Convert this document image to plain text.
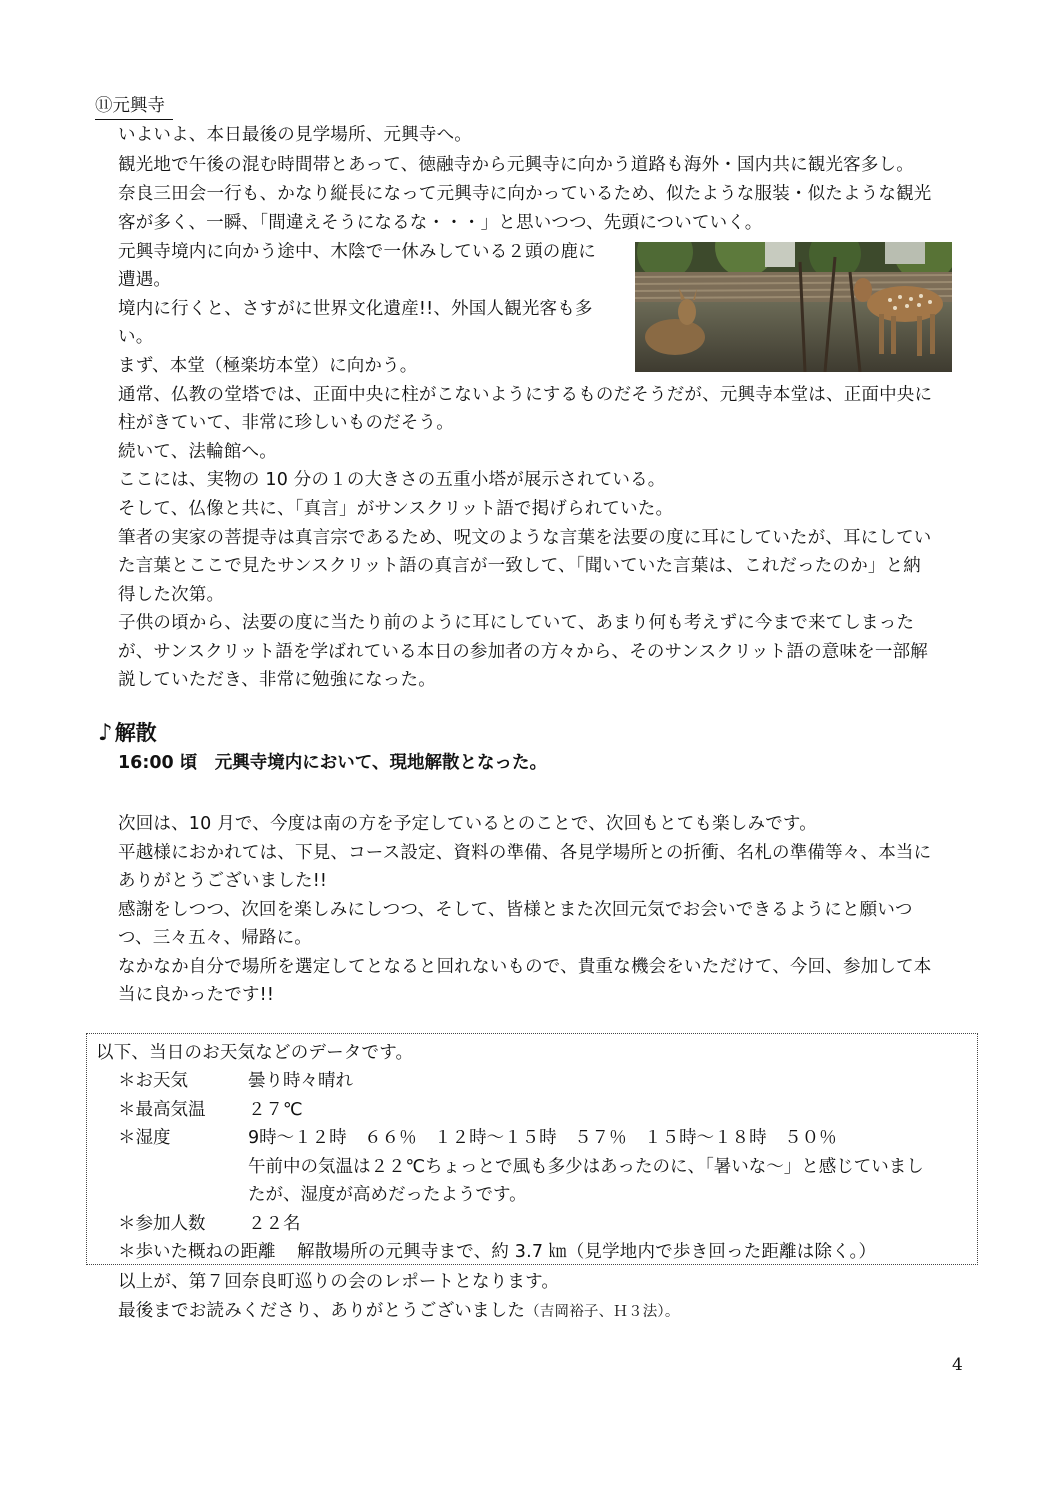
⑪元興寺
いよいよ、本日最後の見学場所、元興寺へ。
観光地で午後の混む時間帯とあって、徳融寺から元興寺に向かう道路も海外・国内共に観光客多し。
奈良三田会一行も、かなり縦長になって元興寺に向かっているため、似たような服装・似たような観光
客が多く、一瞬、「間違えそうになるな・・・」と思いつつ、先頭についていく。
元興寺境内に向かう途中、木陰で一休みしている２頭の鹿に
遭遇。
境内に行くと、さすがに世界文化遺産!!、外国人観光客も多
い。
まず、本堂（極楽坊本堂）に向かう。
通常、仏教の堂塔では、正面中央に柱がこないようにするものだそうだが、元興寺本堂は、正面中央に
柱がきていて、非常に珍しいものだそう。
続いて、法輪館へ。
ここには、実物の 10 分の１の大きさの五重小塔が展示されている。
そして、仏像と共に、「真言」がサンスクリット語で掲げられていた。
筆者の実家の菩提寺は真言宗であるため、呪文のような言葉を法要の度に耳にしていたが、耳にしてい
た言葉とここで見たサンスクリット語の真言が一致して、「聞いていた言葉は、これだったのか」と納
得した次第。
子供の頃から、法要の度に当たり前のように耳にしていて、あまり何も考えずに今まで来てしまった
が、サンスクリット語を学ばれている本日の参加者の方々から、そのサンスクリット語の意味を一部解
説していただき、非常に勉強になった。
♪解散
16:00 頃　元興寺境内において、現地解散となった。
次回は、10 月で、今度は南の方を予定しているとのことで、次回もとても楽しみです。
平越様におかれては、下見、コース設定、資料の準備、各見学場所との折衝、名札の準備等々、本当に
ありがとうございました!!
感謝をしつつ、次回を楽しみにしつつ、そして、皆様とまた次回元気でお会いできるようにと願いつ
つ、三々五々、帰路に。
なかなか自分で場所を選定してとなると回れないもので、貴重な機会をいただけて、今回、参加して本
当に良かったです!!
以下、当日のお天気などのデータです。
＊お天気	曇り時々晴れ
＊最高気温 ２７℃
＊湿度	9時～１２時　６６％　１２時～１５時　５７％　１５時～１８時　５０％
午前中の気温は２２℃ちょっとで風も多少はあったのに、「暑いな～」と感じていまし
たが、湿度が高めだったようです。
＊参加人数 ２２名
＊歩いた概ねの距離 解散場所の元興寺まで、約 3.7 ㎞（見学地内で歩き回った距離は除く。）
以上が、第７回奈良町巡りの会のレポートとなります。
最後までお読みくださり、ありがとうございました（吉岡裕子、Ｈ３法）。
4
